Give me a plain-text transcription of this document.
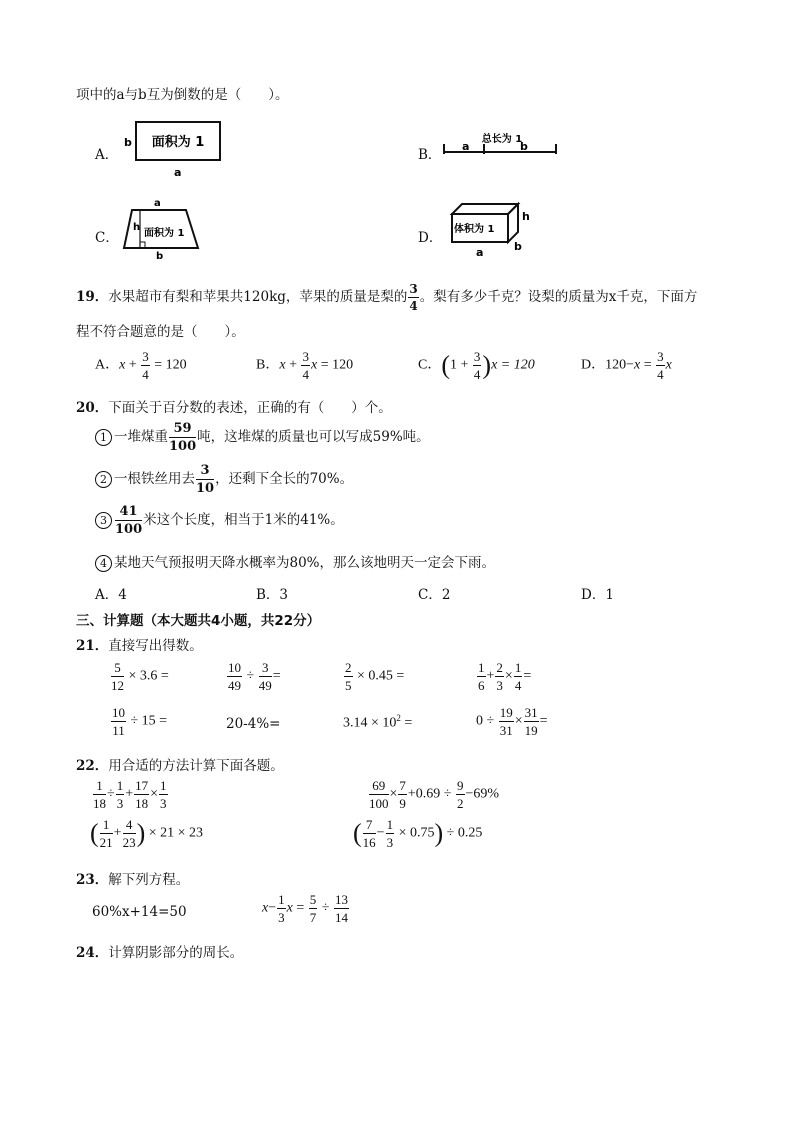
项中的a与b互为倒数的是（　　）。
A．
面积为 1
b
a
B．
总长为 1
a	b
C．
a
h
面积为 1
b
D．
体积为 1
h
b
a
19．水果超市有梨和苹果共120kg，苹果的质量是梨的 $\frac{3}{4}$ 。梨有多少千克？设梨的质量为x千克，下面方
程不符合题意的是（　　）。
A．$x + \frac{3}{4} = 120$	B．$x + \frac{3}{4}$ x = 120	C．$(1 + \frac{3}{4} )x = 120$	D．$120-x = \frac{3}{4}$ x
20．下面关于百分数的表述，正确的有（　　）个。
1 一堆煤重 $\frac{59}{100}$ 吨，这堆煤的质量也可以写成59%吨。
2 一根铁丝用去 $\frac{3}{10}$ ，还剩下全长的70%。
$3 \frac{41}{100}$ 米这个长度，相当于1米的41%。
4 某地天气预报明天降水概率为80%，那么该地明天一定会下雨。
A．4	B．3	C．2	D．1
三、计算题（本大题共4小题，共22分）
21．直接写出得数。
$\frac{5}{12} \times 3.6$ =	$\frac{10}{49} \div \frac{3}{49}$ =	$\frac{2}{5} \times 0.45$ =	$\frac{1}{6} + \frac{2}{3} \times \frac{1}{4}$ =
$\frac{10}{11} \div 15$ =	20-4%=	$3.14 \times 10^2$ =	$0 \div \frac{19}{31} \times \frac{31}{19}$ =
22．用合适的方法计算下面各题。
$\frac{1}{18} \div \frac{1}{3} + \frac{17}{18} \times \frac{1}{3}$	$\frac{69}{100} \times \frac{7}{9} +0.69 \div \frac{9}{2} -69\%$
( $\frac{1}{21} + \frac{4}{23}$ ) × 21 × 23	( $\frac{7}{16} - \frac{1}{3} \times 0.75) \div 0.25$
23．解下列方程。
60%x+14=50	$x- \frac{1}{3}$ $x = \frac{5}{7} \div \frac{13}{14}$
24．计算阴影部分的周长。
